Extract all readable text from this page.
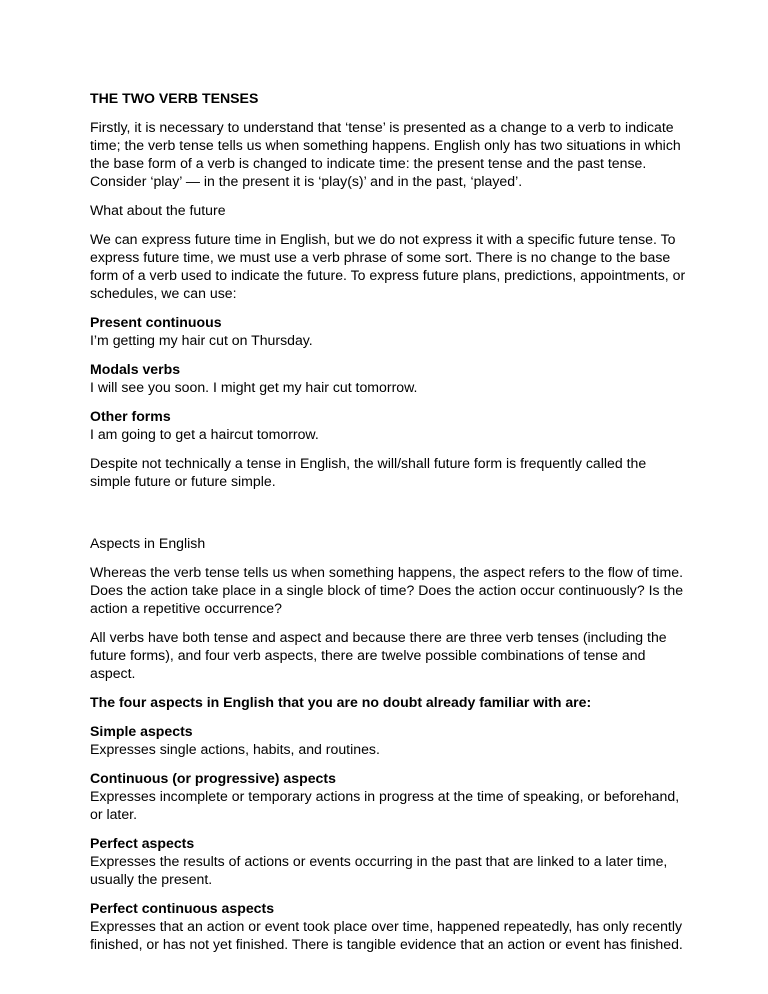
THE TWO VERB TENSES

Firstly, it is necessary to understand that ‘tense’ is presented as a change to a verb to indicate time; the verb tense tells us when something happens. English only has two situations in which the base form of a verb is changed to indicate time: the present tense and the past tense. Consider ‘play’ — in the present it is ‘play(s)’ and in the past, ‘played’.

What about the future

We can express future time in English, but we do not express it with a specific future tense. To express future time, we must use a verb phrase of some sort. There is no change to the base form of a verb used to indicate the future. To express future plans, predictions, appointments, or schedules, we can use:

Present continuous
I’m getting my hair cut on Thursday.
Modals verbs
I will see you soon. I might get my hair cut tomorrow.
Other forms
I am going to get a haircut tomorrow.

Despite not technically a tense in English, the will/shall future form is frequently called the simple future or future simple.

Aspects in English

Whereas the verb tense tells us when something happens, the aspect refers to the flow of time. Does the action take place in a single block of time? Does the action occur continuously? Is the action a repetitive occurrence?

All verbs have both tense and aspect and because there are three verb tenses (including the future forms), and four verb aspects, there are twelve possible combinations of tense and aspect.

The four aspects in English that you are no doubt already familiar with are:

Simple aspects
Expresses single actions, habits, and routines.
Continuous (or progressive) aspects
Expresses incomplete or temporary actions in progress at the time of speaking, or beforehand, or later.
Perfect aspects
Expresses the results of actions or events occurring in the past that are linked to a later time, usually the present.
Perfect continuous aspects
Expresses that an action or event took place over time, happened repeatedly, has only recently finished, or has not yet finished. There is tangible evidence that an action or event has finished.
